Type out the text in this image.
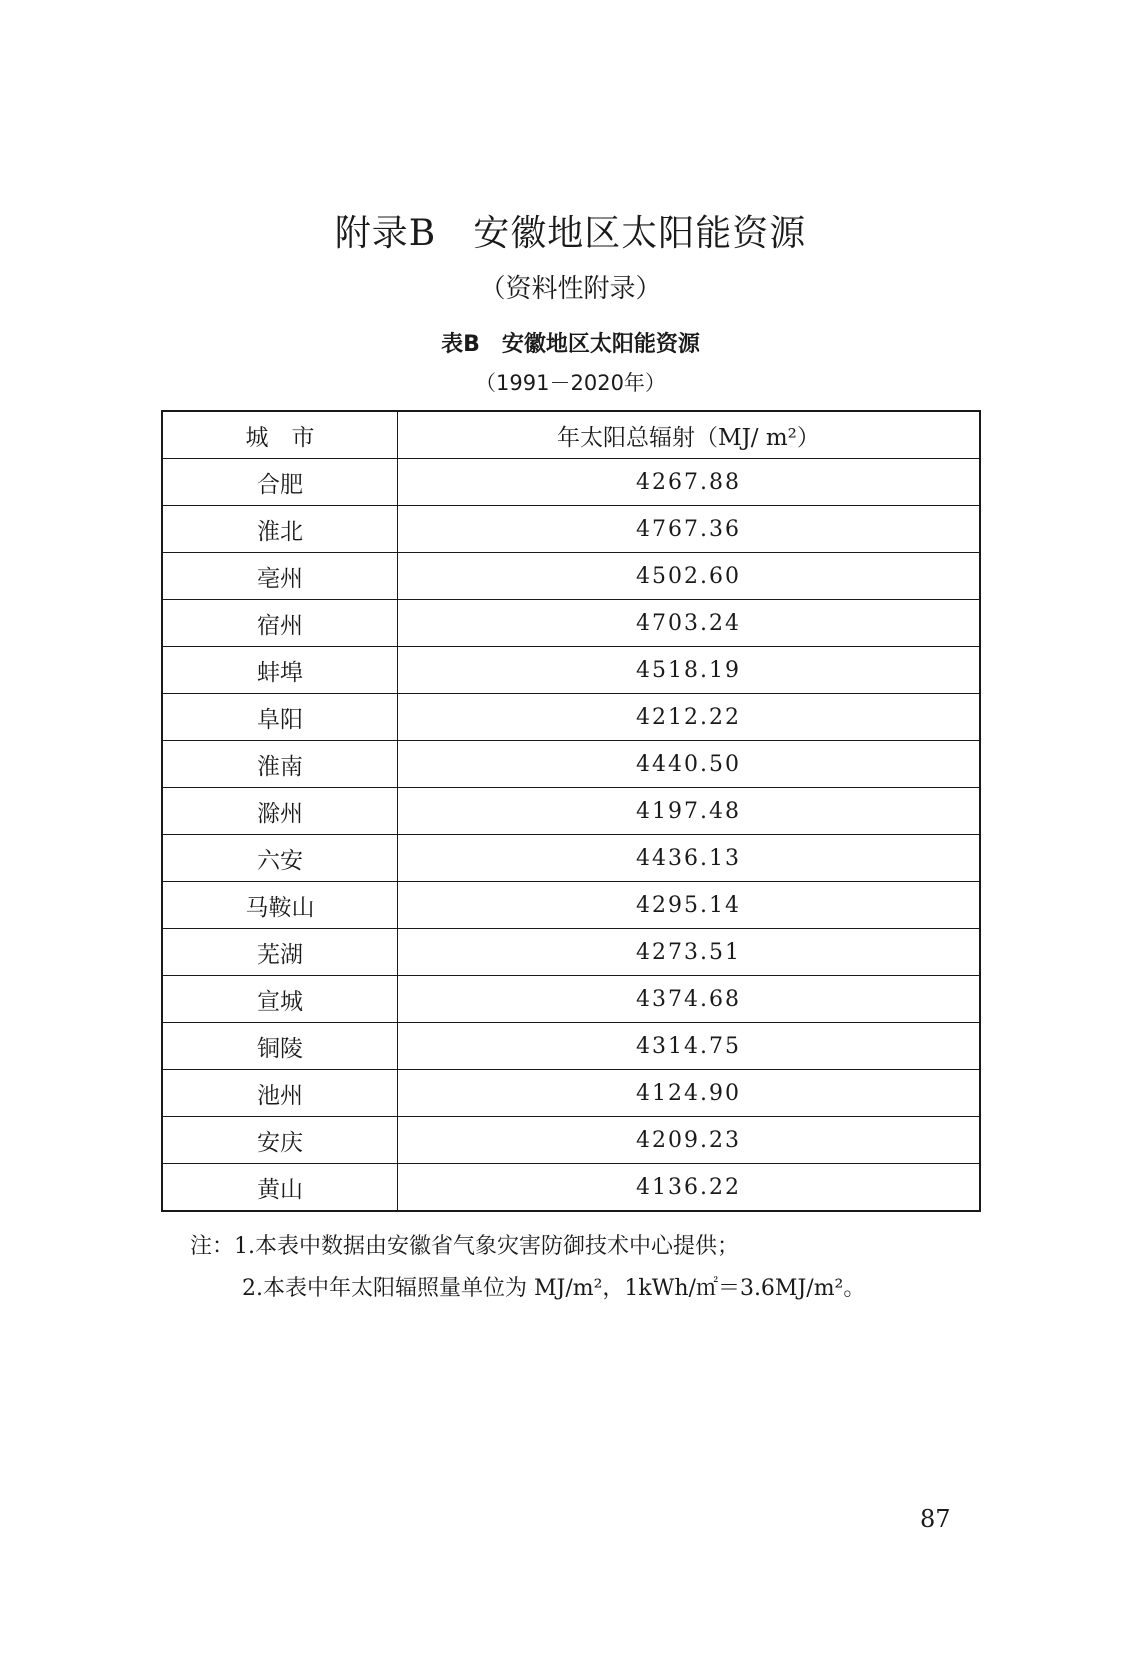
附录B　安徽地区太阳能资源
（资料性附录）
表B　安徽地区太阳能资源
（1991－2020年）
城　市	年太阳总辐射（MJ/ m²）
合肥	4267.88
淮北	4767.36
亳州	4502.60
宿州	4703.24
蚌埠	4518.19
阜阳	4212.22
淮南	4440.50
滁州	4197.48
六安	4436.13
马鞍山	4295.14
芜湖	4273.51
宣城	4374.68
铜陵	4314.75
池州	4124.90
安庆	4209.23
黄山	4136.22
注：1.本表中数据由安徽省气象灾害防御技术中心提供；
2.本表中年太阳辐照量单位为 MJ/m²，1kWh/㎡＝3.6MJ/m²。
87
